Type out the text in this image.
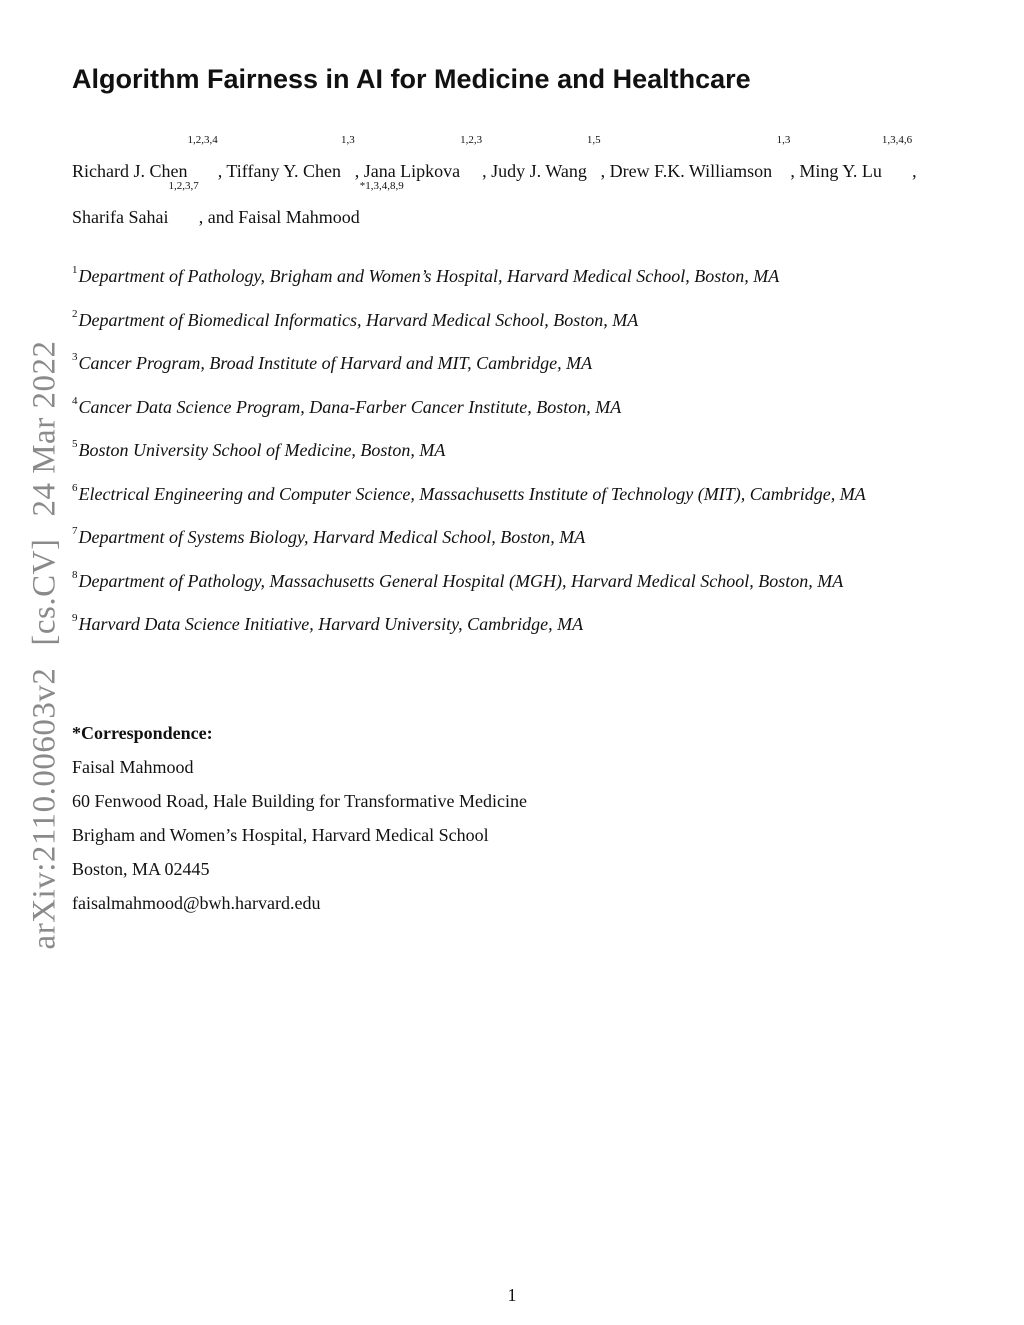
arXiv:2110.00603v2[cs.CV]24 Mar 2022
Algorithm Fairness in AI for Medicine and Healthcare
Richard J. Chen$^{1,2,3,4}$, Tiffany Y. Chen$^{1,3}$, Jana Lipkova$^{1,2,3}$, Judy J. Wang$^{1,5}$, Drew F.K. Williamson $^{1,3}$, Ming Y. Lu$^{1,3,4,6}$, Sharifa Sahai$^{1,2,3,7}$, and Faisal Mahmood$^{*1,3,4,8,9}$
$^1$Department of Pathology, Brigham and Women’s Hospital, Harvard Medical School, Boston, MA
$^2$Department of Biomedical Informatics, Harvard Medical School, Boston, MA
$^3$Cancer Program, Broad Institute of Harvard and MIT, Cambridge, MA
$^4$Cancer Data Science Program, Dana-Farber Cancer Institute, Boston, MA
$^5$Boston University School of Medicine, Boston, MA
$^6$Electrical Engineering and Computer Science, Massachusetts Institute of Technology (MIT), Cambridge, MA
$^7$Department of Systems Biology, Harvard Medical School, Boston, MA
$^8$Department of Pathology, Massachusetts General Hospital (MGH), Harvard Medical School, Boston, MA
$^9$Harvard Data Science Initiative, Harvard University, Cambridge, MA
*Correspondence:
Faisal Mahmood
60 Fenwood Road, Hale Building for Transformative Medicine
Brigham and Women’s Hospital, Harvard Medical School
Boston, MA 02445
faisalmahmood@bwh.harvard.edu
1
